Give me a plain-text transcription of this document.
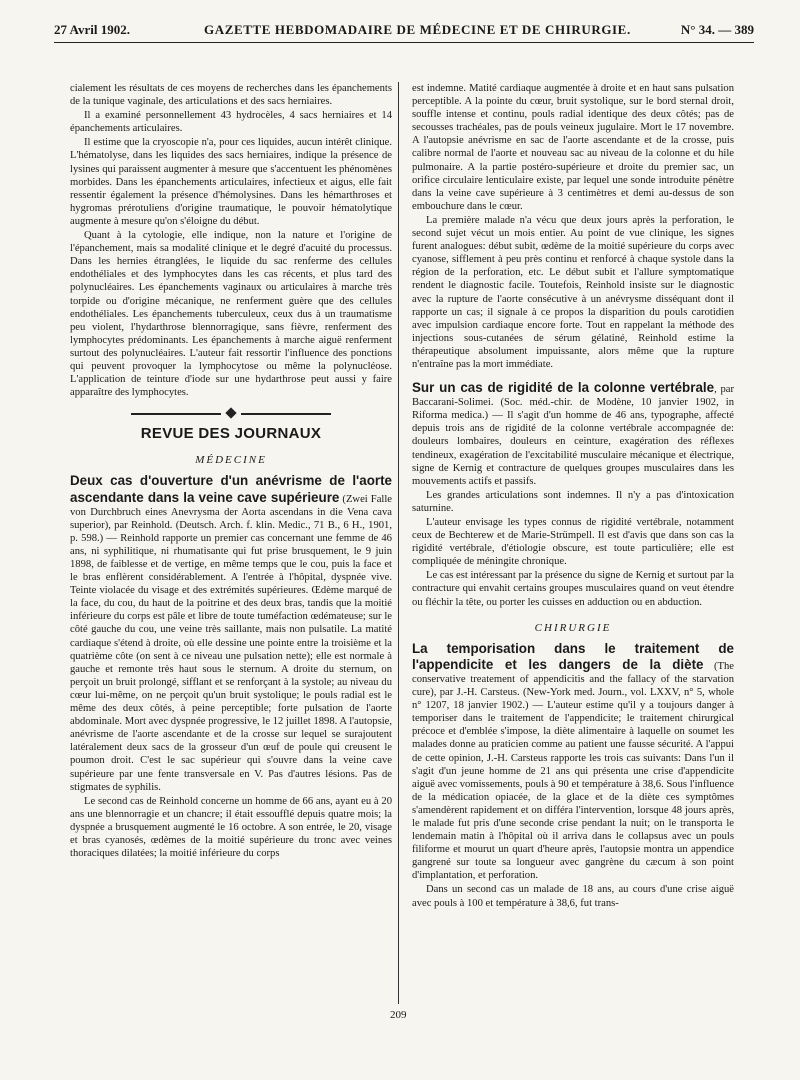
27 Avril 1902.	GAZETTE HEBDOMADAIRE DE MÉDECINE ET DE CHIRURGIE.	N° 34. — 389

cialement les résultats de ces moyens de recherches dans les épanchements de la tunique vaginale, des articulations et des sacs herniaires.

Il a examiné personnellement 43 hydrocèles, 4 sacs herniaires et 14 épanchements articulaires.

Il estime que la cryoscopie n'a, pour ces liquides, aucun intérêt clinique. L'hématolyse, dans les liquides des sacs herniaires, indique la présence de lysines qui paraissent augmenter à mesure que s'accentuent les phénomènes morbides. Dans les épanchements articulaires, infectieux et aigus, elle fait ressentir également la présence d'hémolysines. Dans les hémarthroses et hygromas prérotuliens d'origine traumatique, le pouvoir hématolytique augmente à mesure qu'on s'éloigne du début.

Quant à la cytologie, elle indique, non la nature et l'origine de l'épanchement, mais sa modalité clinique et le degré d'acuité du processus. Dans les hernies étranglées, le liquide du sac renferme des cellules endothéliales et des lymphocytes dans les cas récents, et plus tard des polynucléaires. Les épanchements vaginaux ou articulaires à marche très torpide ou d'origine mécanique, ne renferment guère que des cellules endothéliales. Les épanchements tuberculeux, ceux dus à un traumatisme peu violent, l'hydarthrose blennorragique, sans fièvre, renferment des lymphocytes prédominants. Les épanchements à marche aiguë renferment surtout des polynucléaires. L'auteur fait ressortir l'influence des ponctions qui peuvent provoquer la lymphocytose ou même la polynucléose. L'application de teinture d'iode sur une hydarthrose peut aussi y faire apparaître des lymphocytes.

REVUE DES JOURNAUX
MÉDECINE

Deux cas d'ouverture d'un anévrisme de l'aorte ascendante dans la veine cave supérieure (Zwei Falle von Durchbruch eines Anevrysma der Aorta ascendans in die Vena cava superior), par Reinhold. (Deutsch. Arch. f. klin. Medic., 71 B., 6 H., 1901, p. 598.) — Reinhold rapporte un premier cas concernant une femme de 46 ans, ni syphilitique, ni rhumatisante qui fut prise brusquement, le 9 juin 1898, de faiblesse et de vertige, en même temps que le cou, puis la face et le bras enflèrent considérablement. A l'entrée à l'hôpital, dyspnée vive. Teinte violacée du visage et des extrémités supérieures. Œdème marqué de la face, du cou, du haut de la poitrine et des deux bras, tandis que la moitié inférieure du corps est pâle et libre de toute tuméfaction œdémateuse; sur le côté gauche du cou, une veine très saillante, mais non pulsatile. La matité cardiaque s'étend à droite, où elle dessine une pointe entre la troisième et la quatrième côte (on sent à ce niveau une pulsation nette); elle est normale à gauche et remonte très haut sous le sternum. A droite du sternum, on perçoit un bruit prolongé, sifflant et se renforçant à la systole; au niveau du cœur lui-même, on ne perçoit qu'un bruit systolique; le pouls radial est le même des deux côtés, à peine perceptible; forte pulsation de l'aorte abdominale. Mort avec dyspnée progressive, le 12 juillet 1898. A l'autopsie, anévrisme de l'aorte ascendante et de la crosse sur lequel se surajoutent latéralement deux sacs de la grosseur d'un œuf de poule qui creusent le poumon droit. C'est le sac supérieur qui s'ouvre dans la veine cave supérieure par une fente transversale en V. Pas d'autres lésions. Pas de stigmates de syphilis.

Le second cas de Reinhold concerne un homme de 66 ans, ayant eu à 20 ans une blennorragie et un chancre; il était essoufflé depuis quatre mois; la dyspnée a brusquement augmenté le 16 octobre. A son entrée, le 20, visage et bras cyanosés, œdèmes de la moitié supérieure du tronc avec veines thoraciques dilatées; la moitié inférieure du corps

est indemne. Matité cardiaque augmentée à droite et en haut sans pulsation perceptible. A la pointe du cœur, bruit systolique, sur le bord sternal droit, souffle intense et continu, pouls radial identique des deux côtés; pas de secousses trachéales, pas de pouls veineux jugulaire. Mort le 17 novembre. A l'autopsie anévrisme en sac de l'aorte ascendante et de la crosse, puis calibre normal de l'aorte et nouveau sac au niveau de la colonne et du hile pulmonaire. A la partie postéro-supérieure et droite du premier sac, un orifice circulaire lenticulaire existe, par lequel une sonde introduite pénètre dans la veine cave supérieure à 3 centimètres et demi au-dessus de son embouchure dans le cœur.

La première malade n'a vécu que deux jours après la perforation, le second sujet vécut un mois entier. Au point de vue clinique, les signes furent analogues: début subit, œdème de la moitié supérieure du corps avec cyanose, sifflement à peu près continu et renforcé à chaque systole dans la région de la perforation, etc. Le début subit et l'allure symptomatique rendent le diagnostic facile. Toutefois, Reinhold insiste sur le diagnostic avec la rupture de l'aorte consécutive à un anévrysme disséquant dont il rapporte un cas; il signale à ce propos la disparition du pouls carotidien avec impulsion cardiaque encore forte. Tout en rappelant la méthode des injections sous-cutanées de sérum gélatiné, Reinhold estime la thérapeutique absolument impuissante, alors même que la rupture n'entraîne pas la mort immédiate.

Sur un cas de rigidité de la colonne vertébrale, par Baccarani-Solimei. (Soc. méd.-chir. de Modène, 10 janvier 1902, in Riforma medica.) — Il s'agit d'un homme de 46 ans, typographe, affecté depuis trois ans de rigidité de la colonne vertébrale accompagnée de: douleurs lombaires, douleurs en ceinture, exagération des réflexes tendineux, exagération de l'excitabilité musculaire mécanique et électrique, signe de Kernig et contracture de quelques groupes musculaires dans les mouvements actifs et passifs.

Les grandes articulations sont indemnes. Il n'y a pas d'intoxication saturnine.

L'auteur envisage les types connus de rigidité vertébrale, notamment ceux de Bechterew et de Marie-Strümpell. Il est d'avis que dans son cas la rigidité vertébrale, d'étiologie obscure, est toute particulière; elle est compliquée de méningite chronique.

Le cas est intéressant par la présence du signe de Kernig et surtout par la contracture qui envahit certains groupes musculaires quand on veut étendre ou fléchir la tête, ou porter les cuisses en adduction ou en abduction.

CHIRURGIE

La temporisation dans le traitement de l'appendicite et les dangers de la diète (The conservative treatement of appendicitis and the fallacy of the starvation cure), par J.-H. Carsteus. (New-York med. Journ., vol. LXXV, n° 5, whole n° 1207, 18 janvier 1902.) — L'auteur estime qu'il y a toujours danger à temporiser dans le traitement de l'appendicite; le traitement chirurgical précoce et d'emblée s'impose, la diète alimentaire à laquelle on soumet les malades donne au praticien comme au patient une fausse sécurité. A l'appui de cette opinion, J.-H. Carsteus rapporte les trois cas suivants: Dans l'un il s'agit d'un jeune homme de 21 ans qui présenta une crise d'appendicite aiguë avec vomissements, pouls à 90 et température à 38,6. Sous l'influence de la médication opiacée, de la glace et de la diète ces symptômes s'amendèrent rapidement et on différa l'intervention, lorsque 48 jours après, le malade fut pris d'une seconde crise pendant la nuit; on le transporta le lendemain matin à l'hôpital où il arriva dans le collapsus avec un pouls filiforme et mourut un quart d'heure après, l'autopsie montra un appendice gangrené sur toute sa longueur avec gangrène du cæcum à son point d'implantation, et perforation.

Dans un second cas un malade de 18 ans, au cours d'une crise aiguë avec pouls à 100 et température à 38,6, fut trans-

209
